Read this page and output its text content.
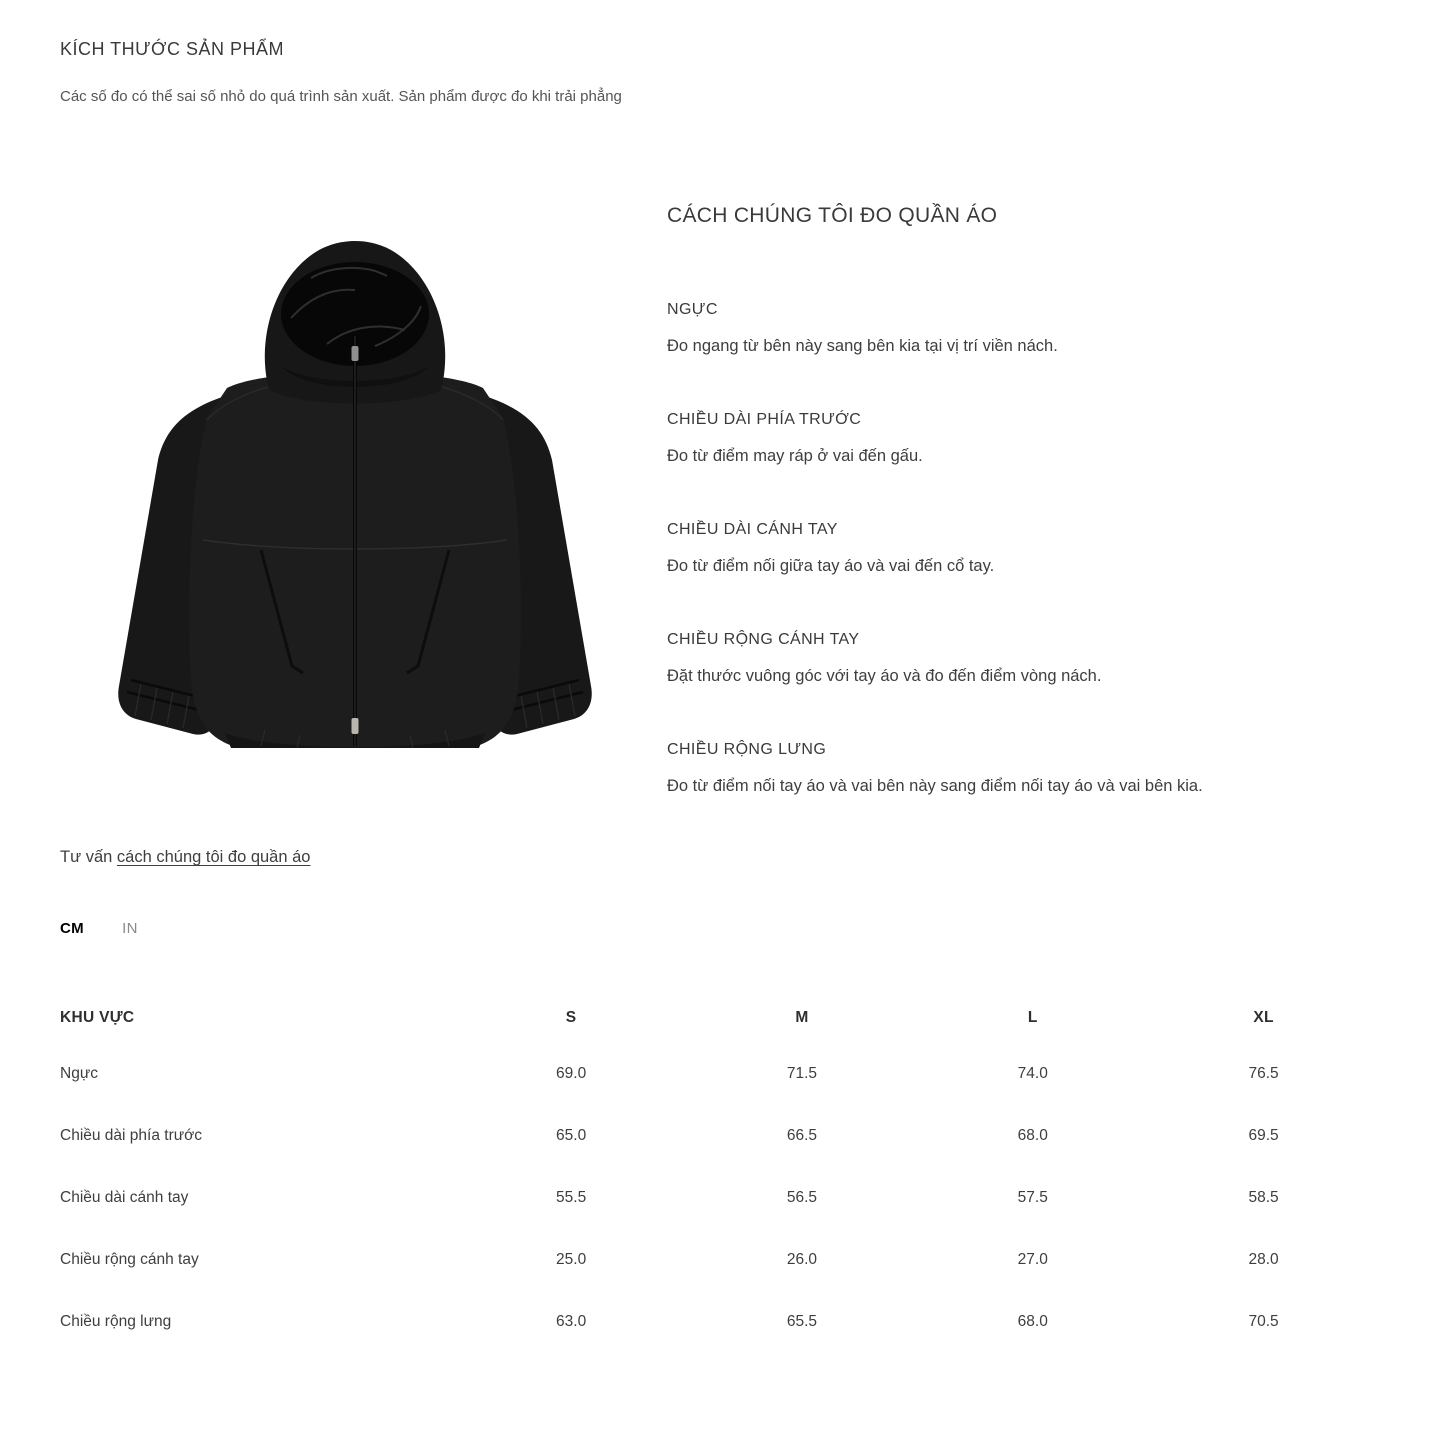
KÍCH THƯỚC SẢN PHẨM
Các số đo có thể sai số nhỏ do quá trình sản xuất. Sản phẩm được đo khi trải phẳng
CÁCH CHÚNG TÔI ĐO QUẦN ÁO
NGỰC
Đo ngang từ bên này sang bên kia tại vị trí viền nách.
CHIỀU DÀI PHÍA TRƯỚC
Đo từ điểm may ráp ở vai đến gấu.
CHIỀU DÀI CÁNH TAY
Đo từ điểm nối giữa tay áo và vai đến cổ tay.
CHIỀU RỘNG CÁNH TAY
Đặt thước vuông góc với tay áo và đo đến điểm vòng nách.
CHIỀU RỘNG LƯNG
Đo từ điểm nối tay áo và vai bên này sang điểm nối tay áo và vai bên kia.
Tư vấn cách chúng tôi đo quần áo
CM	IN
KHU VỰC	S	M	L	XL
Ngực	69.0	71.5	74.0	76.5
Chiều dài phía trước	65.0	66.5	68.0	69.5
Chiều dài cánh tay	55.5	56.5	57.5	58.5
Chiều rộng cánh tay	25.0	26.0	27.0	28.0
Chiều rộng lưng	63.0	65.5	68.0	70.5
